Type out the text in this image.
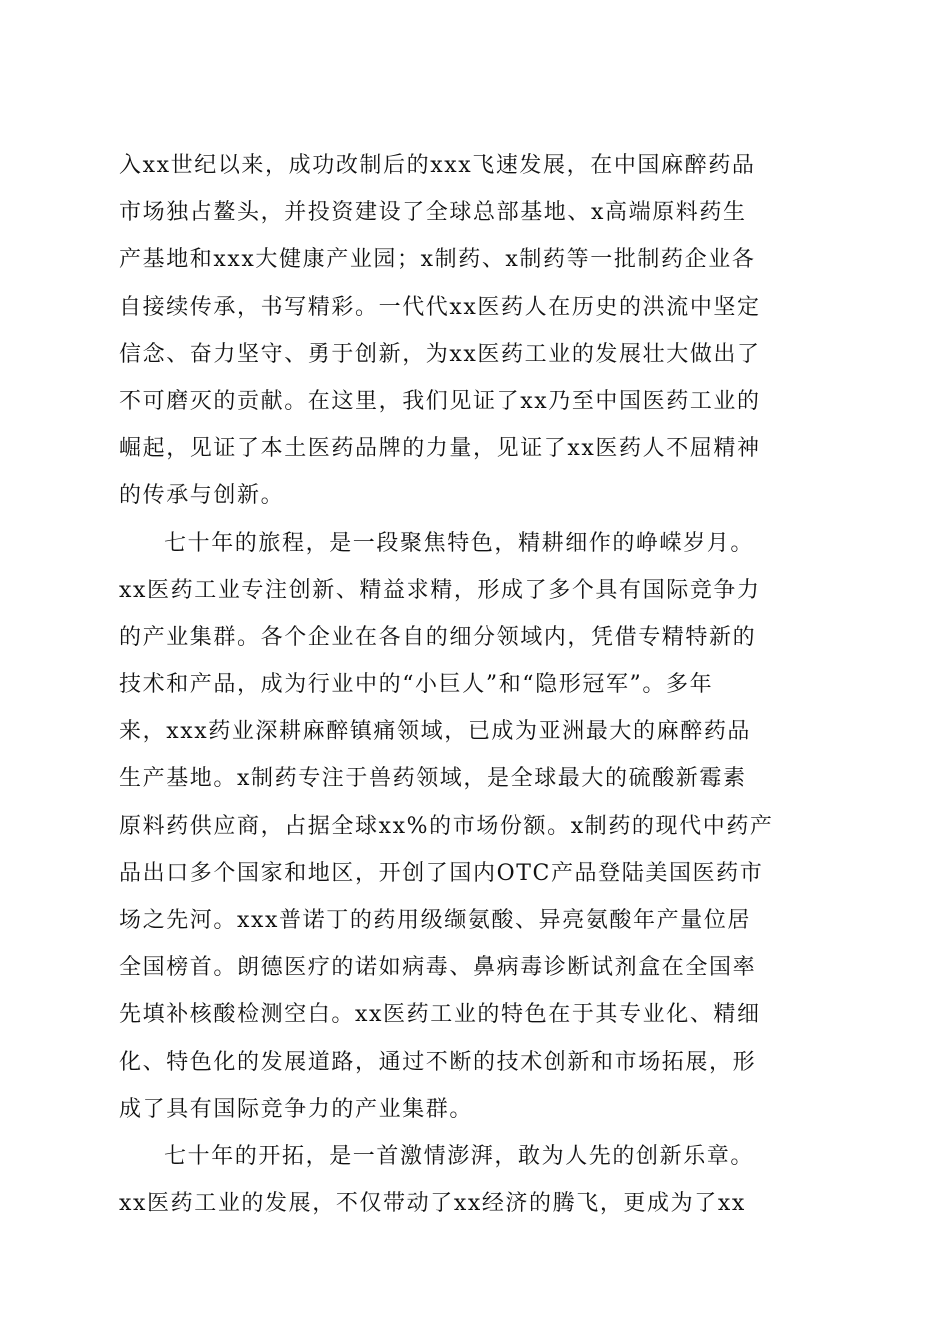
入xx世纪以来，成功改制后的xxx飞速发展，在中国麻醉药品
市场独占鳌头，并投资建设了全球总部基地、x高端原料药生
产基地和xxx大健康产业园；x制药、x制药等一批制药企业各
自接续传承，书写精彩。一代代xx医药人在历史的洪流中坚定
信念、奋力坚守、勇于创新，为xx医药工业的发展壮大做出了
不可磨灭的贡献。在这里，我们见证了xx乃至中国医药工业的
崛起，见证了本土医药品牌的力量，见证了xx医药人不屈精神
的传承与创新。
七十年的旅程，是一段聚焦特色，精耕细作的峥嵘岁月。
xx医药工业专注创新、精益求精，形成了多个具有国际竞争力
的产业集群。各个企业在各自的细分领域内，凭借专精特新的
技术和产品，成为行业中的“小巨人”和“隐形冠军”。多年
来，xxx药业深耕麻醉镇痛领域，已成为亚洲最大的麻醉药品
生产基地。x制药专注于兽药领域，是全球最大的硫酸新霉素
原料药供应商，占据全球xx%的市场份额。x制药的现代中药产
品出口多个国家和地区，开创了国内OTC产品登陆美国医药市
场之先河。xxx普诺丁的药用级缬氨酸、异亮氨酸年产量位居
全国榜首。朗德医疗的诺如病毒、鼻病毒诊断试剂盒在全国率
先填补核酸检测空白。xx医药工业的特色在于其专业化、精细
化、特色化的发展道路，通过不断的技术创新和市场拓展，形
成了具有国际竞争力的产业集群。
七十年的开拓，是一首激情澎湃，敢为人先的创新乐章。
xx医药工业的发展，不仅带动了xx经济的腾飞，更成为了xx
